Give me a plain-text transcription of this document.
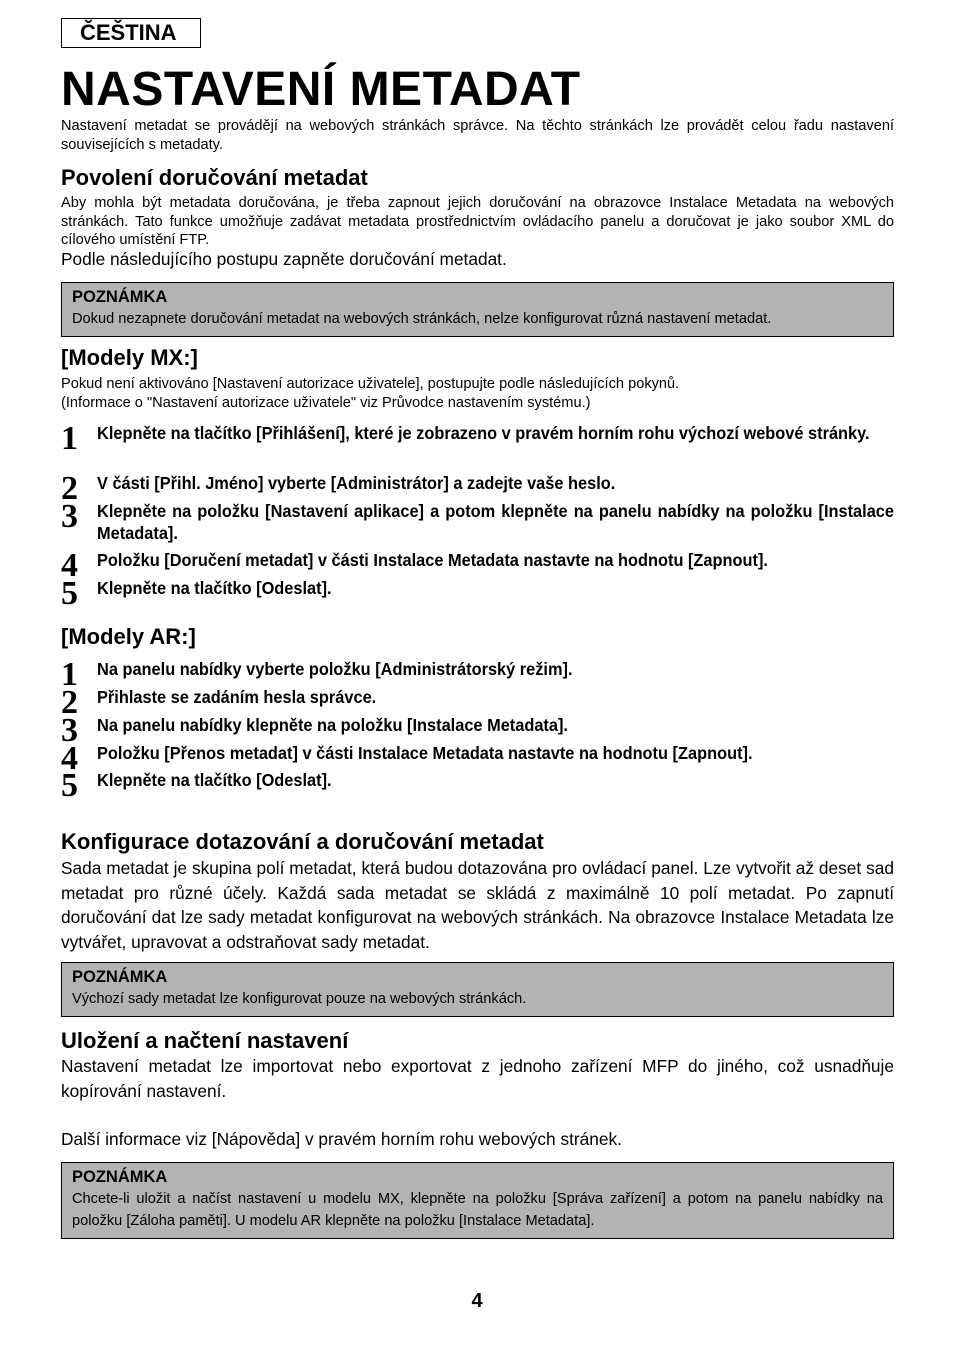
ČEŠTINA
NASTAVENÍ METADAT

Nastavení metadat se provádějí na webových stránkách správce. Na těchto stránkách lze provádět celou řadu nastavení souvisejících s metadaty.

Povolení doručování metadat

Aby mohla být metadata doručována, je třeba zapnout jejich doručování na obrazovce Instalace Metadata na webových stránkách. Tato funkce umožňuje zadávat metadata prostřednictvím ovládacího panelu a doručovat je jako soubor XML do cílového umístění FTP.

Podle následujícího postupu zapněte doručování metadat.
POZNÁMKA
Dokud nezapnete doručování metadat na webových stránkách, nelze konfigurovat různá nastavení metadat.
[Modely MX:]

Pokud není aktivováno [Nastavení autorizace uživatele], postupujte podle následujících pokynů.

(Informace o "Nastavení autorizace uživatele" viz Průvodce nastavením systému.)

1 Klepněte na tlačítko [Přihlášení], které je zobrazeno v pravém horním rohu výchozí webové stránky.
2 V části [Přihl. Jméno] vyberte [Administrátor] a zadejte vaše heslo.
3 Klepněte na položku [Nastavení aplikace] a potom klepněte na panelu nabídky na položku [Instalace Metadata].
4 Položku [Doručení metadat] v části Instalace Metadata nastavte na hodnotu [Zapnout].
5 Klepněte na tlačítko [Odeslat].
[Modely AR:]
1 Na panelu nabídky vyberte položku [Administrátorský režim].
2 Přihlaste se zadáním hesla správce.
3 Na panelu nabídky klepněte na položku [Instalace Metadata].
4 Položku [Přenos metadat] v části Instalace Metadata nastavte na hodnotu [Zapnout].
5 Klepněte na tlačítko [Odeslat].
Konfigurace dotazování a doručování metadat

Sada metadat je skupina polí metadat, která budou dotazována pro ovládací panel. Lze vytvořit až deset sad metadat pro různé účely. Každá sada metadat se skládá z maximálně 10 polí metadat. Po zapnutí doručování dat lze sady metadat konfigurovat na webových stránkách. Na obrazovce Instalace Metadata lze vytvářet, upravovat a odstraňovat sady metadat.

POZNÁMKA
Výchozí sady metadat lze konfigurovat pouze na webových stránkách.
Uložení a načtení nastavení

Nastavení metadat lze importovat nebo exportovat z jednoho zařízení MFP do jiného, což usnadňuje kopírování nastavení.

Další informace viz [Nápověda] v pravém horním rohu webových stránek.
POZNÁMKA
Chcete-li uložit a načíst nastavení u modelu MX, klepněte na položku [Správa zařízení] a potom na panelu nabídky na položku [Záloha paměti]. U modelu AR klepněte na položku [Instalace Metadata].
4
